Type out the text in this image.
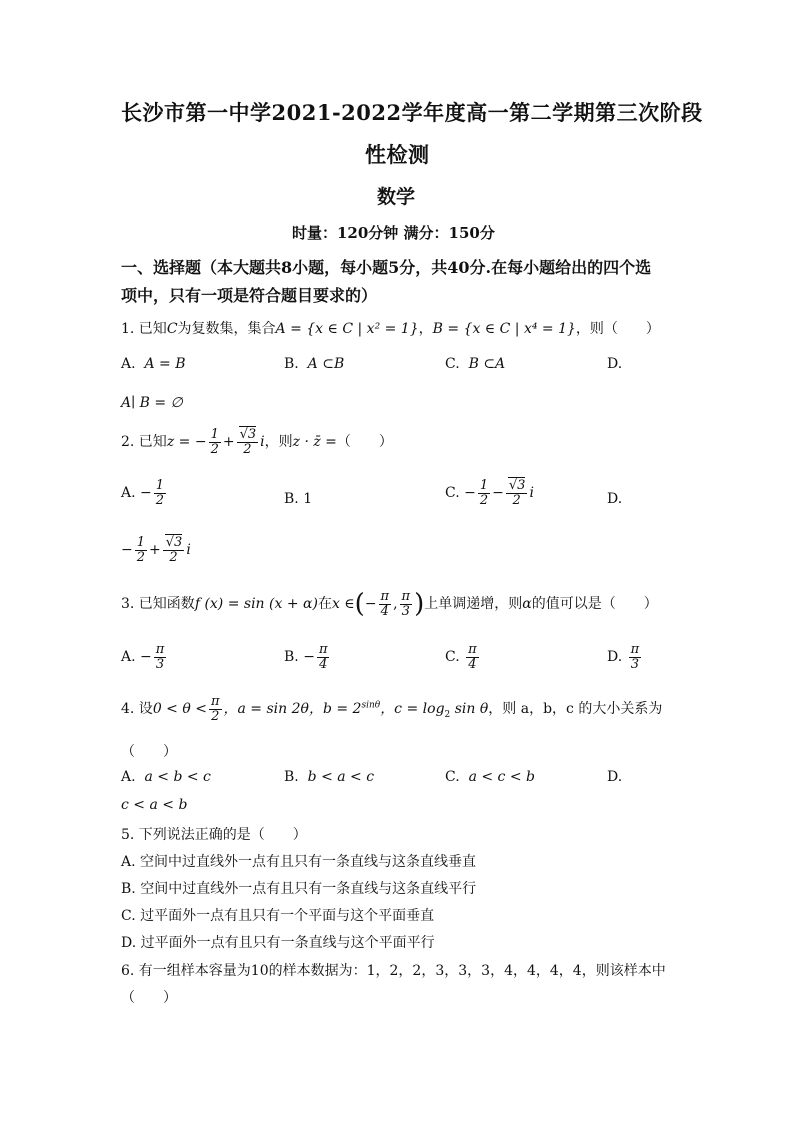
长沙市第一中学2021-2022学年度高一第二学期第三次阶段
性检测
数学
时量：120分钟 满分：150分
一、选择题（本大题共8小题，每小题5分，共40分.在每小题给出的四个选
项中，只有一项是符合题目要求的）
1. 已知C为复数集，集合A = {x ∈ C | x² = 1}，B = {x ∈ C | x⁴ = 1}，则（　　）
A. A = B	B. A ⊂B	C. B ⊂A	D.
A∣ B = ∅
2. 已知z = − $\frac{1}{2} + \frac{√3}{2}$ i，则z · z̄ =（　　）
A. − $\frac{1}{2}$	B. 1	C. − $\frac{1}{2} - \frac{√3}{2}$ i	D.
− $\frac{1}{2} + \frac{√3}{2}$ i
3. 已知函数f (x) = sin (x + α)在x ∈(− $\frac{\pi}{4}$ , $\frac{\pi}{3}$ )上单调递增，则α的值可以是（　　）
A. − $\frac{\pi}{3}$	B. − $\frac{\pi}{4}$	C. $\frac{\pi}{4}$	D. $\frac{\pi}{3}$
4. 设$0 < \theta < \frac{\pi}{2}$ ，a = sin 2θ，$b = 2^{sin\theta}$，$c = \log_2 \sin \theta$，则 a，b，c 的大小关系为
（　　）
A. a < b < c	B. b < a < c	C. a < c < b	D.
c < a < b
5. 下列说法正确的是（　　）
A. 空间中过直线外一点有且只有一条直线与这条直线垂直
B. 空间中过直线外一点有且只有一条直线与这条直线平行
C. 过平面外一点有且只有一个平面与这个平面垂直
D. 过平面外一点有且只有一条直线与这个平面平行
6. 有一组样本容量为10的样本数据为：1，2，2，3，3，3，4，4，4，4，则该样本中
（　　）
